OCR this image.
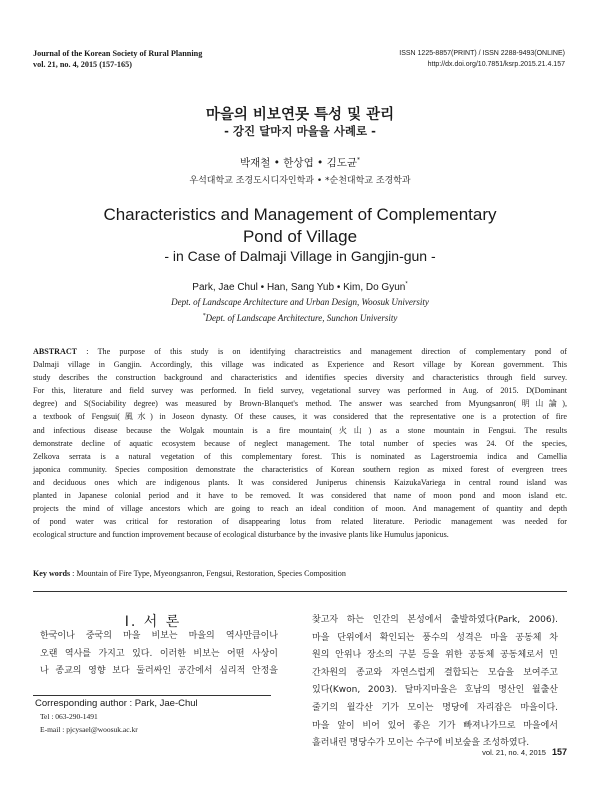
Journal of the Korean Society of Rural Planning
vol. 21, no. 4, 2015 (157-165)
ISSN 1225-8857(PRINT) / ISSN 2288-9493(ONLINE)
http://dx.doi.org/10.7851/ksrp.2015.21.4.157
마을의 비보연못 특성 및 관리
- 강진 달마지 마을을 사례로 -
박재철 • 한상엽 • 김도균*
우석대학교 조경도시디자인학과 • *순천대학교 조경학과
Characteristics and Management of Complementary
Pond of Village
- in Case of Dalmaji Village in Gangjin-gun -
Park, Jae Chul • Han, Sang Yub • Kim, Do Gyun*
Dept. of Landscape Architecture and Urban Design, Woosuk University
*Dept. of Landscape Architecture, Sunchon University
ABSTRACT : The purpose of this study is on identifying charactreistics and management direction of complementary pond of
Dalmaji village in Gangjin. Accordingly, this village was indicated as Experience and Resort village by Korean government. This
study describes the construction background and characteristics and identifies species diversity and characteristics through field survey.
For this, literature and field survey was performed. In field survey, vegetational survey was performed in Aug. of 2015. D(Dominant
degree) and S(Sociability degree) was measured by Brown-Blanquet's method. The answer was searched from Myungsanron(明山論),
a textbook of Fengsui(風水) in Joseon dynasty. Of these causes, it was considered that the representative one is a protection of fire
and infectious disease because the Wolgak mountain is a fire mountain(火山) as a stone mountain in Fengsui. The results
demonstrate decline of aquatic ecosystem because of neglect management. The total number of species was 24. Of the species,
Zelkova serrata is a natural vegetation of this complementary forest. This is nominated as Lagerstroemia indica and Camellia
japonica community. Species composition demonstrate the characteristics of Korean southern region as mixed forest of evergreen trees
and deciduous ones which are indigenous plants. It was considered Juniperus chinensis KaizukaVariega in central round island was
planted in Japanese colonial period and it have to be removed. It was considered that name of moon pond and moon island etc.
projects the mind of village ancestors which are going to reach an ideal condition of moon. And management of quantity and depth
of pond water was critical for restoration of disappearing lotus from related literature. Periodic management was needed for
ecological structure and function improvement because of ecological disturbance by the invasive plants like Humulus japonicus.
Key words : Mountain of Fire Type, Myeongsanron, Fengsui, Restoration, Species Composition
I. 서 론
한국이나 중국의 마을 비보는 마을의 역사만큼이나
오랜 역사를 가지고 있다. 이러한 비보는 어떤 사상이
나 종교의 영향 보다 둘러싸인 공간에서 심리적 안정을
찾고자 하는 인간의 본성에서 출발하였다(Park, 2006).
마을 단위에서 확인되는 풍수의 성격은 마을 공동체 차
원의 안위나 장소의 구분 등을 위한 공동체 공동체로서 민
간차원의 종교와 자연스럽게 결합되는 모습을 보여주고
있다(Kwon, 2003). 달마지마을은 호남의 명산인 월출산
줄기의 월각산 기가 모이는 명당에 자리잡은 마을이다.
마을 앞이 비어 있어 좋은 기가 빠져나가므로 마을에서
흘러내린 명당수가 모이는 수구에 비보숲을 조성하였다.
Corresponding author : Park, Jae-Chul
Tel : 063-290-1491
E-mail : pjcysael@woosuk.ac.kr
vol. 21, no. 4, 2015 157
